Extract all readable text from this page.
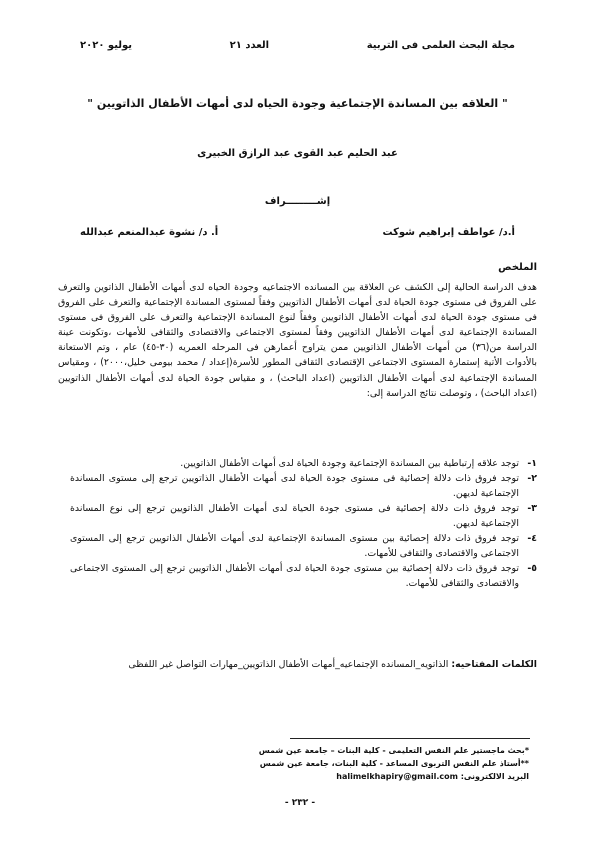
مجلة البحث العلمى فى التربية
العدد ٢١
يوليو ٢٠٢٠
" العلاقه بين المساندة الإجتماعية وجودة الحياه لدى أمهات الأطفال الذاتويين "
عبد الحليم عبد القوى عبد الرازق الخبيرى
إشـــــــــراف
أ.د/ عواطف إبراهيم شوكت
أ. د/ نشوة عبدالمنعم عبدالله
الملخص
هدف الدراسة الحالية إلى الكشف عن العلاقة بين المسانده الاجتماعيه وجودة الحياه لدى أمهات الأطفال الذاتوين والتعرف على الفروق فى مستوى جودة الحياة لدى أمهات الأطفال الذاتويين وفقاً لمستوى المساندة الإجتماعية والتعرف على الفروق فى مستوى جودة الحياة لدى أمهات الأطفال الذاتويين وفقاً لنوع المساندة الإجتماعية والتعرف على الفروق فى مستوى المساندة الإجتماعية لدى أمهات الأطفال الذاتويين وفقاً لمستوى الاجتماعى والاقتصادى والثقافى للأمهات ،وتكونت عينة الدراسة من(٣٦) من أمهات الأطفال الذاتويين ممن يتراوح أعمارهن فى المرحله العمريه (٣٠-٤٥) عام ، وتم الاستعانة بالأدوات الأتية إستمارة المستوى الاجتماعى الإقتصادى الثقافى المطور للأسرة(إعداد / محمد بيومى خليل،٢٠٠٠) ، ومقياس المساندة الإجتماعية لدى أمهات الأطفال الذاتويين (اعداد الباحث) ، و مقياس جودة الحياة لدى أمهات الأطفال الذاتويين (اعداد الباحث) ، وتوصلت نتائج الدراسة إلى:
١-
توجد علاقه إرتباطية بين المساندة الإجتماعية وجودة الحياة لدى أمهات الأطفال الذاتويين.
٢-
توجد فروق ذات دلالة إحصائية فى مستوى جودة الحياة لدى أمهات الأطفال الذاتويين ترجع إلى مستوى المساندة الإجتماعية لديهن.
٣-
توجد فروق ذات دلالة إحصائية فى مستوى جودة الحياة لدى أمهات الأطفال الذاتويين ترجع إلى نوع المساندة الإجتماعية لديهن.
٤-
توجد فروق ذات دلالة إحصائية بين مستوى المساندة الإجتماعية لدى أمهات الأطفال الذاتويين ترجع إلى المستوى الاجتماعى والاقتصادى والثقافى للأمهات.
٥-
توجد فروق ذات دلالة إحصائية بين مستوى جودة الحياة لدى أمهات الأطفال الذاتويين ترجع إلى المستوى الاجتماعى والاقتصادى والثقافى للأمهات.
الكلمات المفتاحيه: الذاتويه_المسانده الإجتماعيه_أمهات الأطفال الذاتويين_مهارات التواصل غير اللفظى
*بحث ماجستير علم النفس التعليمى - كلية البنات – جامعة عين شمس
**أستاذ علم النفس التربوى المساعد - كلية البنات، جامعة عين شمس
البريد الالكترونى: halimelkhapiry@gmail.com
- ٢٣٢ -
